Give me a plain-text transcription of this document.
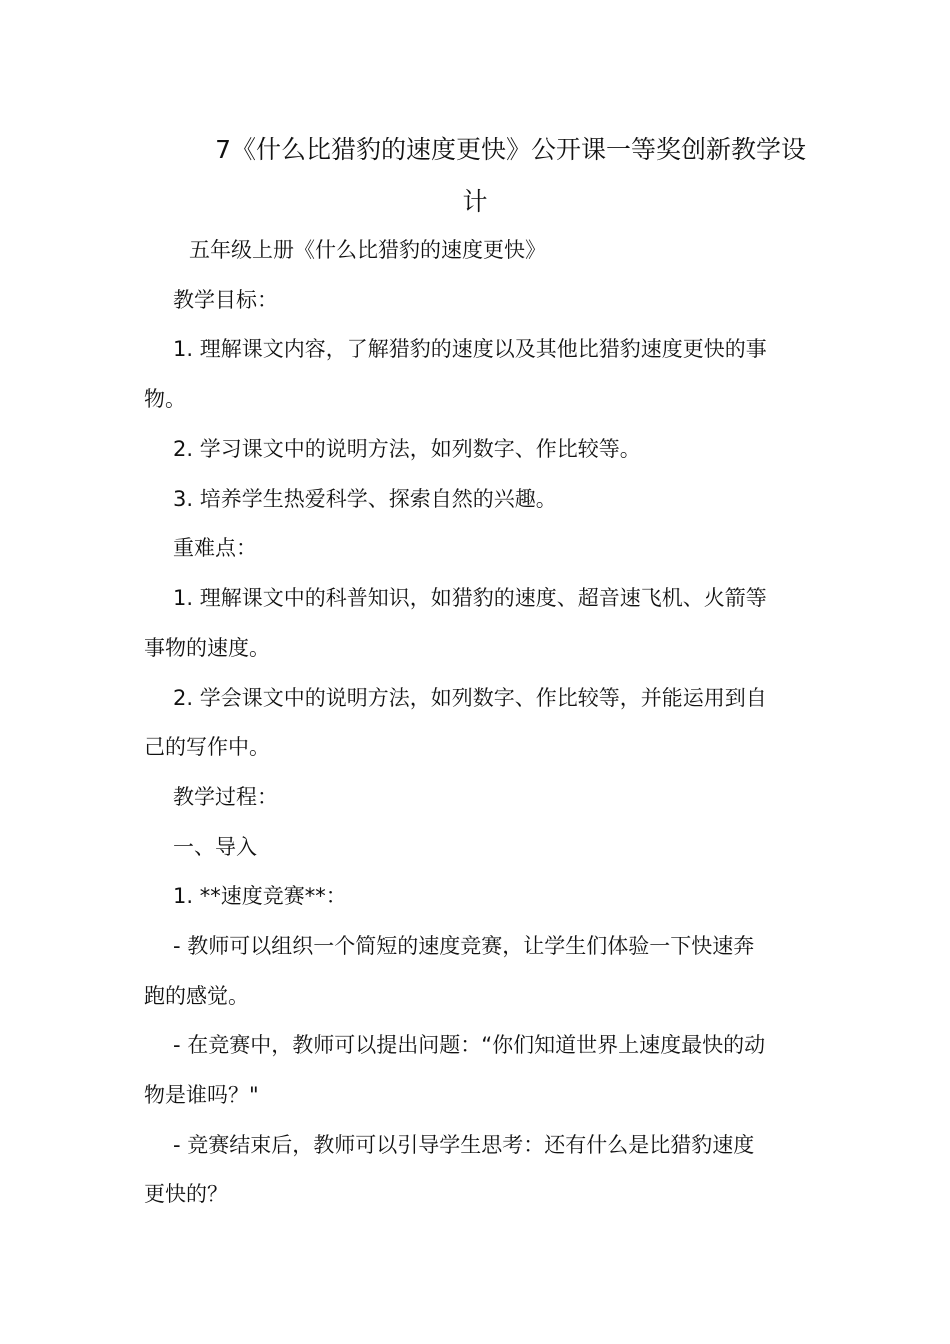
7《什么比猎豹的速度更快》公开课一等奖创新教学设
计
五年级上册《什么比猎豹的速度更快》
教学目标：
1. 理解课文内容，了解猎豹的速度以及其他比猎豹速度更快的事
物。
2. 学习课文中的说明方法，如列数字、作比较等。
3. 培养学生热爱科学、探索自然的兴趣。
重难点：
1. 理解课文中的科普知识，如猎豹的速度、超音速飞机、火箭等
事物的速度。
2. 学会课文中的说明方法，如列数字、作比较等，并能运用到自
己的写作中。
教学过程：
一、导入
1. **速度竞赛**：
- 教师可以组织一个简短的速度竞赛，让学生们体验一下快速奔
跑的感觉。
- 在竞赛中，教师可以提出问题：“你们知道世界上速度最快的动
物是谁吗？"
- 竞赛结束后，教师可以引导学生思考：还有什么是比猎豹速度
更快的？
